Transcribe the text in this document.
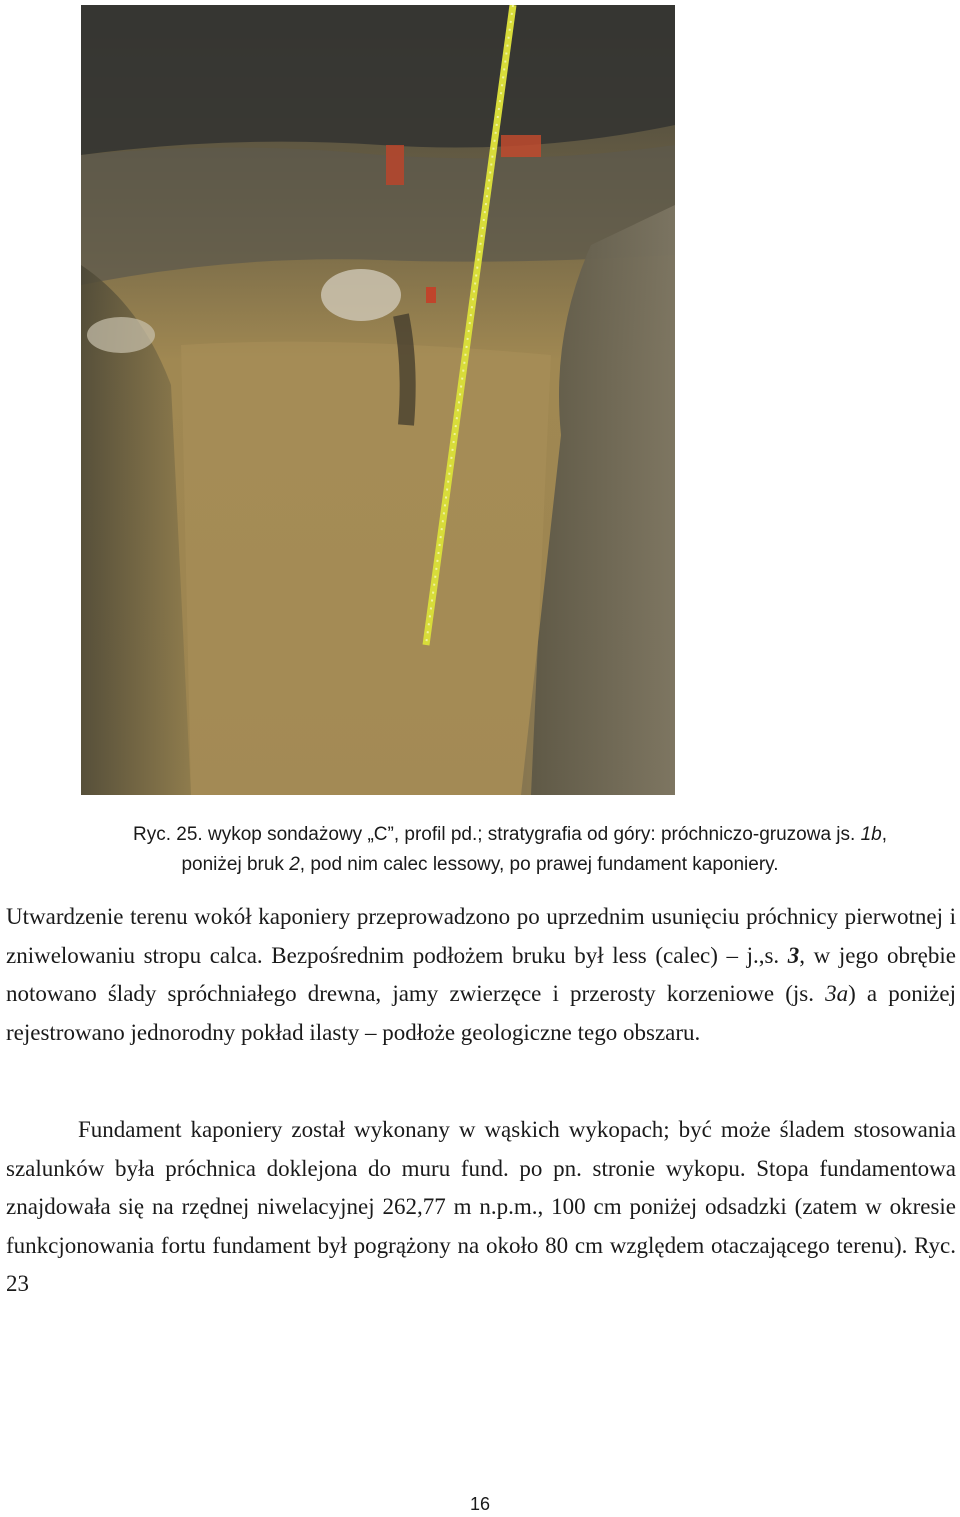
Ryc. 25. wykop sondażowy „C”, profil pd.; stratygrafia od góry: próchniczo-gruzowa js. 1b,
poniżej bruk 2, pod nim calec lessowy, po prawej fundament kaponiery.

Utwardzenie terenu wokół kaponiery przeprowadzono po uprzednim usunięciu próchnicy pierwotnej i zniwelowaniu stropu calca. Bezpośrednim podłożem bruku był less (calec) – j.,s. 3, w jego obrębie notowano ślady spróchniałego drewna, jamy zwierzęce i przerosty korzeniowe (js. 3a) a poniżej rejestrowano jednorodny pokład ilasty – podłoże geologiczne tego obszaru.

Fundament kaponiery został wykonany w wąskich wykopach; być może śladem stosowania szalunków była próchnica doklejona do muru fund. po pn. stronie wykopu. Stopa fundamentowa znajdowała się na rzędnej niwelacyjnej 262,77 m n.p.m., 100 cm poniżej odsadzki (zatem w okresie funkcjonowania fortu fundament był pogrążony na około 80 cm względem otaczającego terenu). Ryc. 23

16
